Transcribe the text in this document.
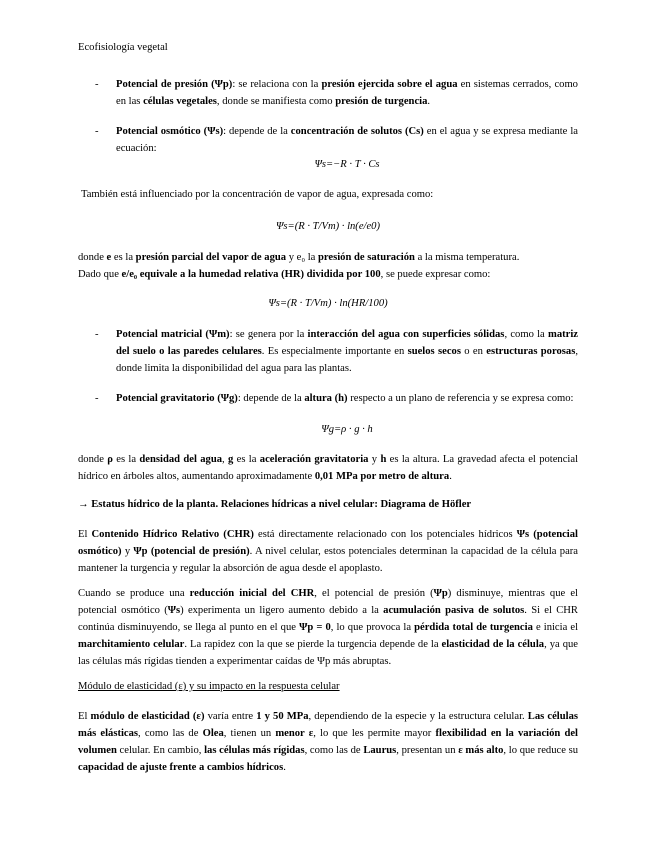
Ecofisiología vegetal
-	Potencial de presión (Ψp): se relaciona con la presión ejercida sobre el agua en sistemas cerrados, como en las células vegetales, donde se manifiesta como presión de turgencia.
-	Potencial osmótico (Ψs): depende de la concentración de solutos (Cs) en el agua y se expresa mediante la ecuación:
Ψs=−R · T · Cs
También está influenciado por la concentración de vapor de agua, expresada como:
Ψs=(R · T/Vm) · ln(e/e0)
donde e es la presión parcial del vapor de agua y e₀ la presión de saturación a la misma temperatura.
Dado que e/e₀ equivale a la humedad relativa (HR) dividida por 100, se puede expresar como:
Ψs=(R · T/Vm) · ln(HR/100)
-	Potencial matricial (Ψm): se genera por la interacción del agua con superficies sólidas, como la matriz del suelo o las paredes celulares. Es especialmente importante en suelos secos o en estructuras porosas, donde limita la disponibilidad del agua para las plantas.
-	Potencial gravitatorio (Ψg): depende de la altura (h) respecto a un plano de referencia y se expresa como:
Ψg=ρ · g · h
donde ρ es la densidad del agua, g es la aceleración gravitatoria y h es la altura. La gravedad afecta el potencial hídrico en árboles altos, aumentando aproximadamente 0,01 MPa por metro de altura.
→ Estatus hídrico de la planta. Relaciones hídricas a nivel celular: Diagrama de Höfler
El Contenido Hídrico Relativo (CHR) está directamente relacionado con los potenciales hídricos Ψs (potencial osmótico) y Ψp (potencial de presión). A nivel celular, estos potenciales determinan la capacidad de la célula para mantener la turgencia y regular la absorción de agua desde el apoplasto.
Cuando se produce una reducción inicial del CHR, el potencial de presión (Ψp) disminuye, mientras que el potencial osmótico (Ψs) experimenta un ligero aumento debido a la acumulación pasiva de solutos. Si el CHR continúa disminuyendo, se llega al punto en el que Ψp = 0, lo que provoca la pérdida total de turgencia e inicia el marchitamiento celular. La rapidez con la que se pierde la turgencia depende de la elasticidad de la célula, ya que las células más rígidas tienden a experimentar caídas de Ψp más abruptas.
Módulo de elasticidad (ε) y su impacto en la respuesta celular
El módulo de elasticidad (ε) varía entre 1 y 50 MPa, dependiendo de la especie y la estructura celular. Las células más elásticas, como las de Olea, tienen un menor ε, lo que les permite mayor flexibilidad en la variación del volumen celular. En cambio, las células más rígidas, como las de Laurus, presentan un ε más alto, lo que reduce su capacidad de ajuste frente a cambios hídricos.
